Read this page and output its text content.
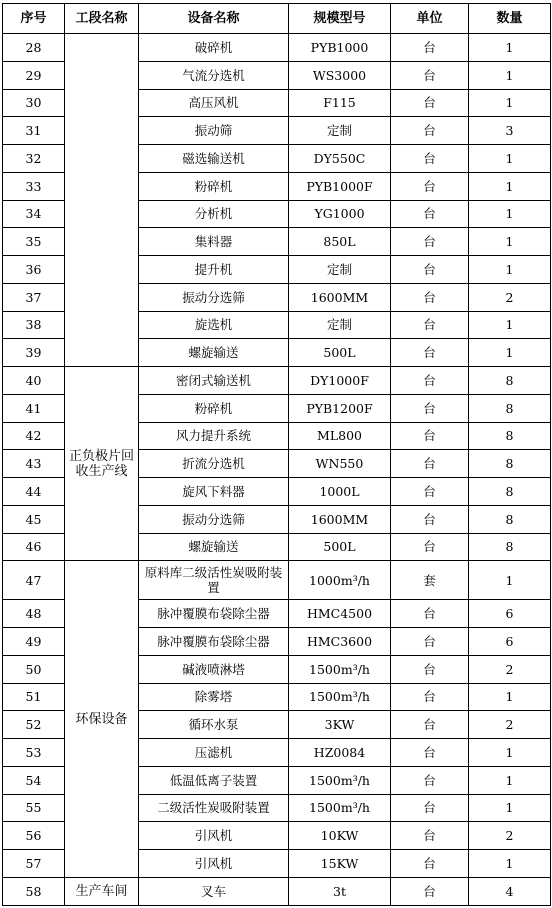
序号	工段名称	设备名称	规模型号	单位	数量
28		破碎机	PYB1000	台	1
29		气流分选机	WS3000	台	1
30		高压风机	F115	台	1
31		振动筛	定制	台	3
32		磁选输送机	DY550C	台	1
33		粉碎机	PYB1000F	台	1
34		分析机	YG1000	台	1
35		集料器	850L	台	1
36		提升机	定制	台	1
37		振动分选筛	1600MM	台	2
38		旋选机	定制	台	1
39		螺旋输送	500L	台	1
40	正负极片回收生产线	密闭式输送机	DY1000F	台	8
41		粉碎机	PYB1200F	台	8
42		风力提升系统	ML800	台	8
43		折流分选机	WN550	台	8
44		旋风下料器	1000L	台	8
45		振动分选筛	1600MM	台	8
46		螺旋输送	500L	台	8
47	环保设备	原料库二级活性炭吸附装置	1000m³/h	套	1
48		脉冲覆膜布袋除尘器	HMC4500	台	6
49		脉冲覆膜布袋除尘器	HMC3600	台	6
50		碱液喷淋塔	1500m³/h	台	2
51		除雾塔	1500m³/h	台	1
52		循环水泵	3KW	台	2
53		压滤机	HZ0084	台	1
54		低温低离子装置	1500m³/h	台	1
55		二级活性炭吸附装置	1500m³/h	台	1
56		引风机	10KW	台	2
57		引风机	15KW	台	1
58	生产车间	叉车	3t	台	4
